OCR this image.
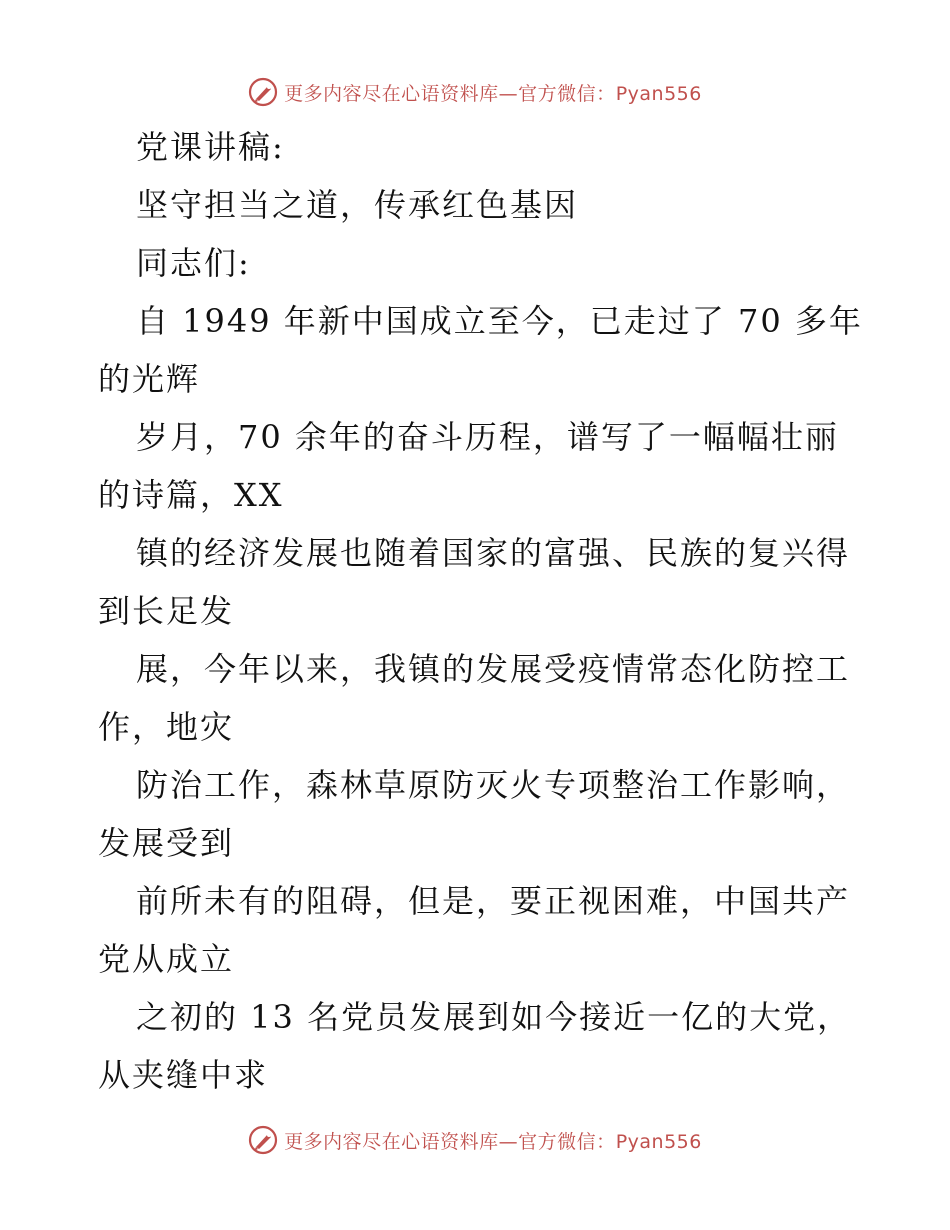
更多内容尽在心语资料库—官方微信：Pyan556
党课讲稿:
坚守担当之道，传承红色基因
同志们:
自 1949 年新中国成立至今，已走过了 70 多年
的光辉
岁月，70 余年的奋斗历程，谱写了一幅幅壮丽
的诗篇，XX
镇的经济发展也随着国家的富强、民族的复兴得
到长足发
展，今年以来，我镇的发展受疫情常态化防控工
作，地灾
防治工作，森林草原防灭火专项整治工作影响，
发展受到
前所未有的阻碍，但是，要正视困难，中国共产
党从成立
之初的 13 名党员发展到如今接近一亿的大党，
从夹缝中求
更多内容尽在心语资料库—官方微信：Pyan556
